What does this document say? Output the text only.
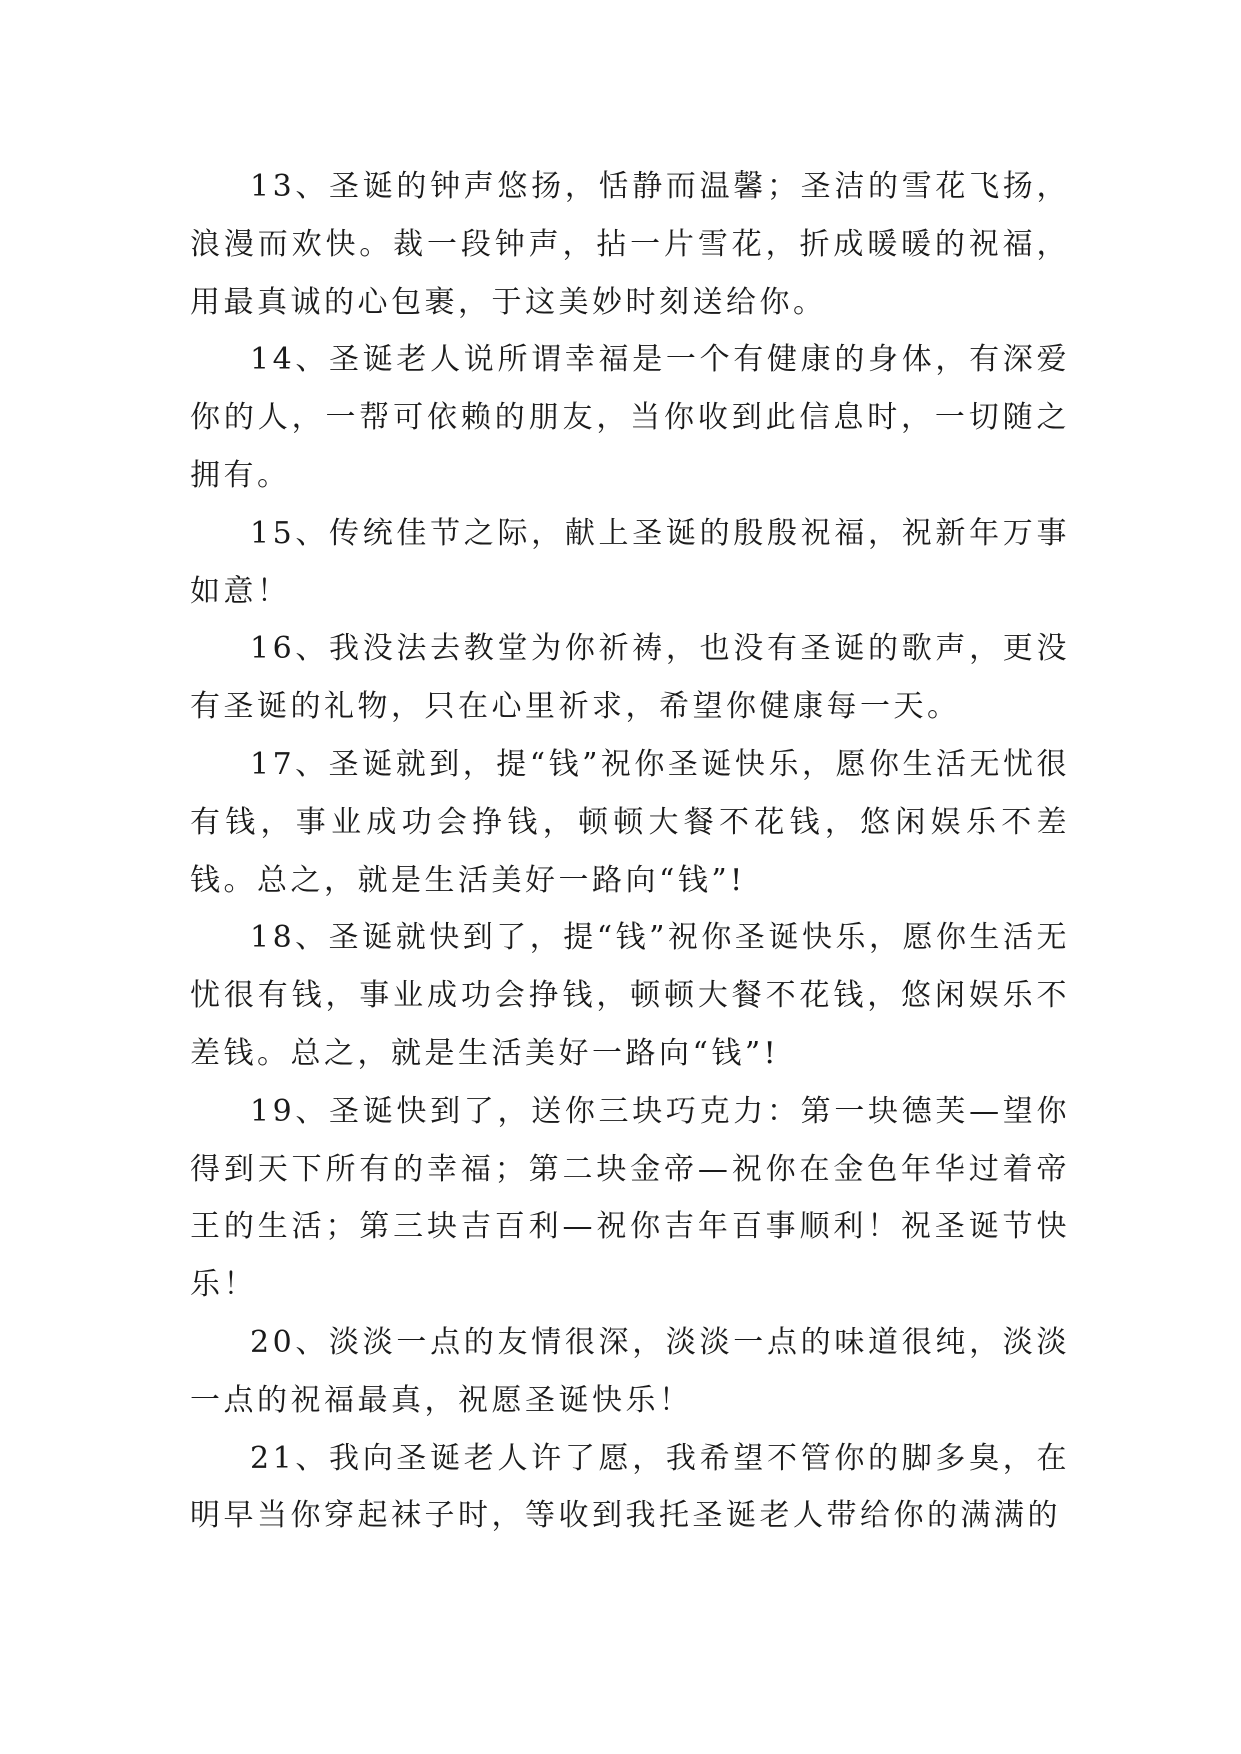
13、圣诞的钟声悠扬，恬静而温馨；圣洁的雪花飞扬，浪漫而欢快。裁一段钟声，拈一片雪花，折成暖暖的祝福，用最真诚的心包裹，于这美妙时刻送给你。

14、圣诞老人说所谓幸福是一个有健康的身体，有深爱你的人，一帮可依赖的朋友，当你收到此信息时，一切随之拥有。

15、传统佳节之际，献上圣诞的殷殷祝福，祝新年万事如意！

16、我没法去教堂为你祈祷，也没有圣诞的歌声，更没有圣诞的礼物，只在心里祈求，希望你健康每一天。

17、圣诞就到，提“钱”祝你圣诞快乐，愿你生活无忧很有钱，事业成功会挣钱，顿顿大餐不花钱，悠闲娱乐不差钱。总之，就是生活美好一路向“钱”!

18、圣诞就快到了，提“钱”祝你圣诞快乐，愿你生活无忧很有钱，事业成功会挣钱，顿顿大餐不花钱，悠闲娱乐不差钱。总之，就是生活美好一路向“钱”!

19、圣诞快到了，送你三块巧克力：第一块德芙—望你得到天下所有的幸福；第二块金帝—祝你在金色年华过着帝王的生活；第三块吉百利—祝你吉年百事顺利！祝圣诞节快乐！

20、淡淡一点的友情很深，淡淡一点的味道很纯，淡淡一点的祝福最真，祝愿圣诞快乐！

21、我向圣诞老人许了愿，我希望不管你的脚多臭，在明早当你穿起袜子时，等收到我托圣诞老人带给你的满满的
